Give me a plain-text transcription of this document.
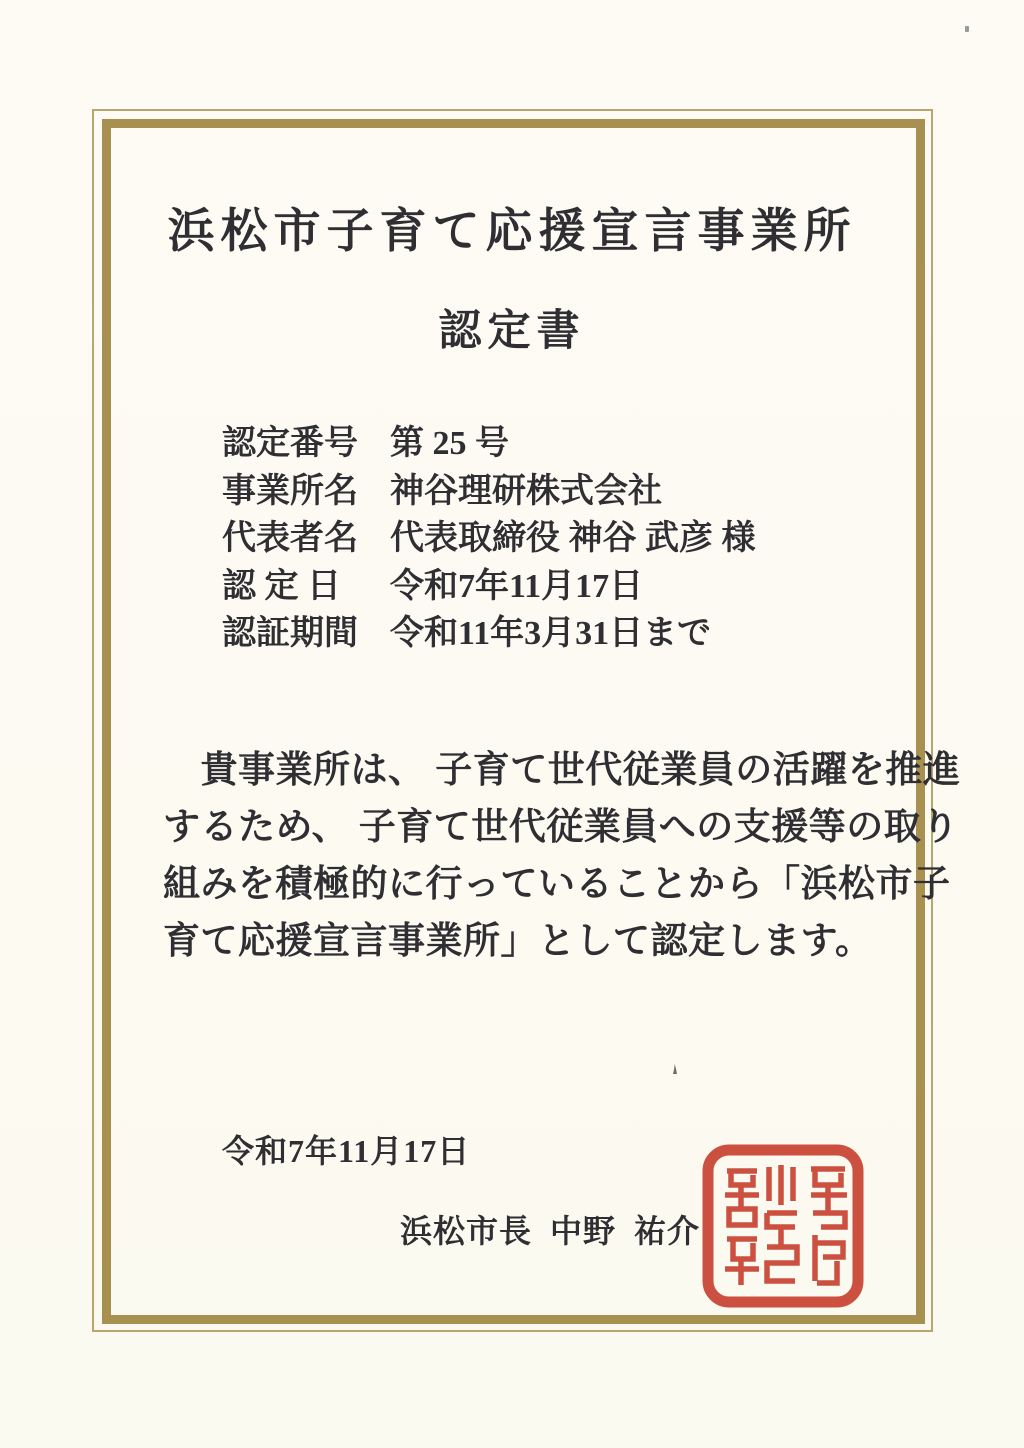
浜松市子育て応援宣言事業所
認定書
認定番号 第 25 号
事業所名 神谷理研株式会社
代表者名 代表取締役 神谷 武彦 様
認 定 日	令和7年11月17日
認証期間 令和11年3月31日まで
　貴事業所は、 子育て世代従業員の活躍を推進
するため、 子育て世代従業員への支援等の取り
組みを積極的に行っていることから「浜松市子
育て応援宣言事業所」として認定します。
令和7年11月17日
浜松市長  中野  祐介
